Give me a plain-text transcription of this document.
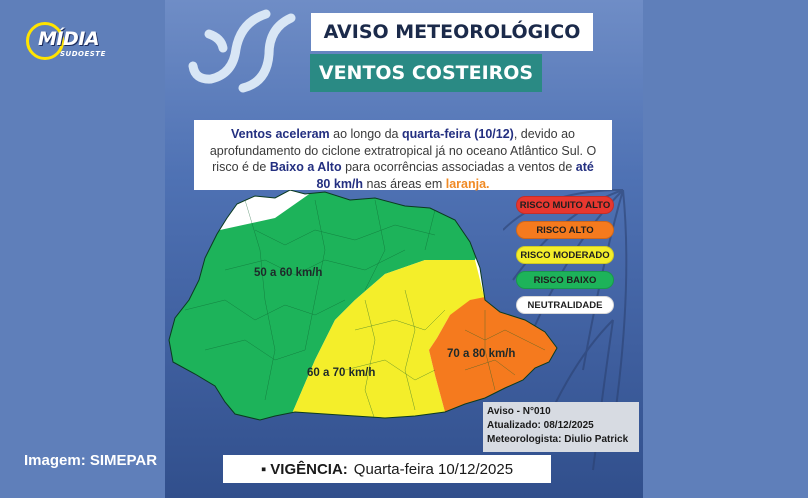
MÍDIA
SUDOESTE
Imagem: SIMEPAR
AVISO METEOROLÓGICO
VENTOS COSTEIROS
Ventos aceleram ao longo da quarta-feira (10/12), devido ao aprofundamento do ciclone extratropical já no oceano Atlântico Sul. O risco é de Baixo a Alto para ocorrências associadas a ventos de até 80 km/h nas áreas em laranja.
50 a 60 km/h
60 a 70 km/h
70 a 80 km/h
RISCO MUITO ALTO
RISCO ALTO
RISCO MODERADO
RISCO BAIXO
NEUTRALIDADE
Aviso - N°010
Atualizado: 08/12/2025
Meteorologista: Diulio Patrick
▪ VIGÊNCIA: Quarta-feira 10/12/2025
